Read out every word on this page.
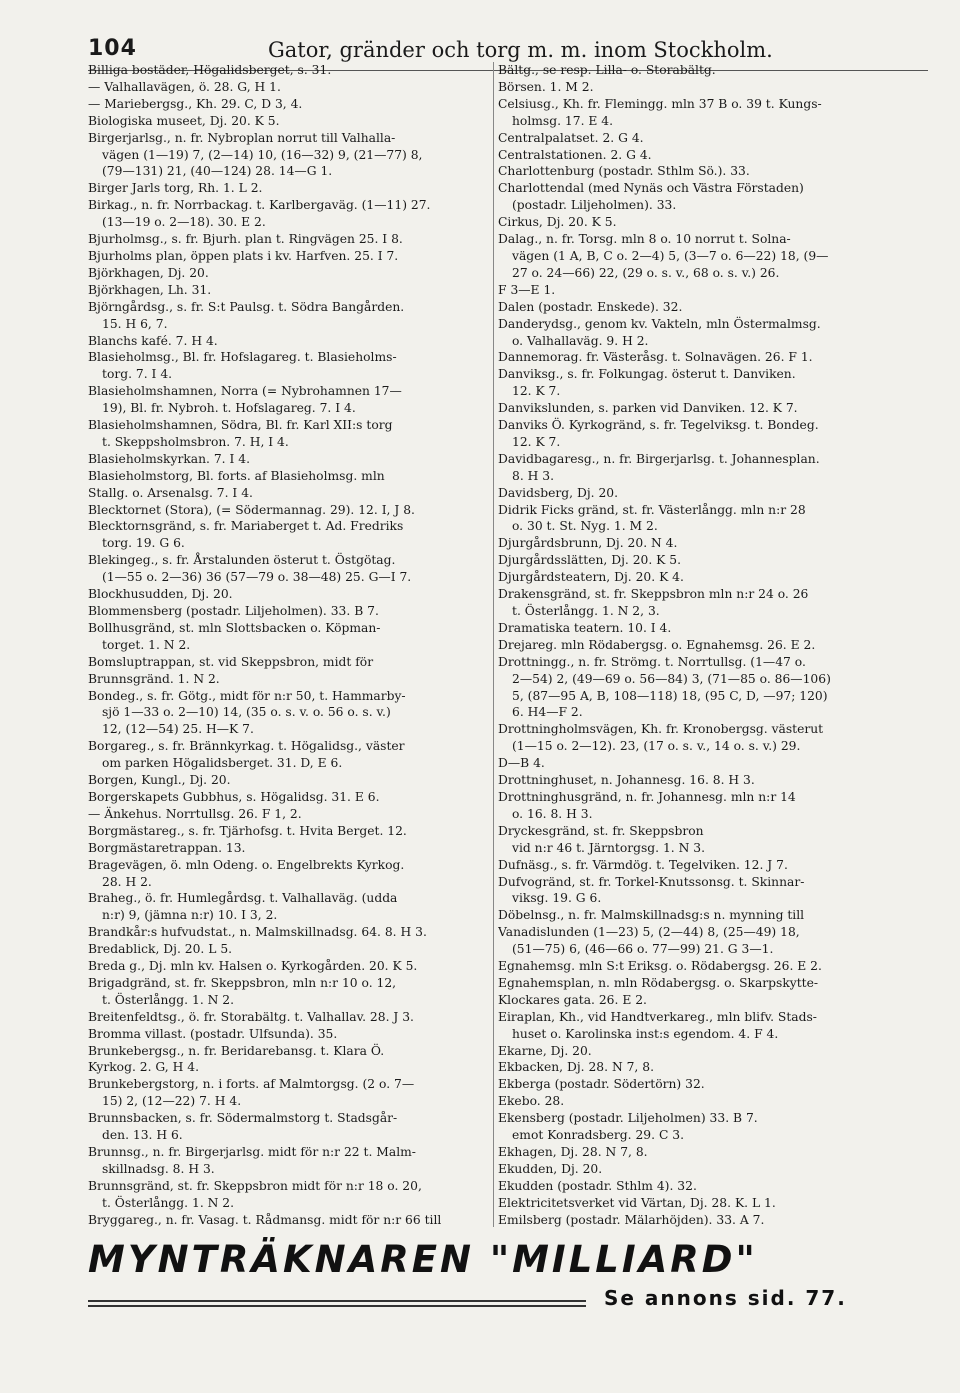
104	Gator, gränder och torg m. m. inom Stockholm.
Billiga bostäder, Högalidsberget, s. 31.
— Valhallavägen, ö. 28. G, H 1.
— Mariebergsg., Kh. 29. C, D 3, 4.
Biologiska museet, Dj. 20. K 5.
Birgerjarlsg., n. fr. Nybroplan norrut till Valhalla-
vägen (1—19) 7, (2—14) 10, (16—32) 9, (21—77) 8,
(79—131) 21, (40—124) 28. 14—G 1.
Birger Jarls torg, Rh. 1. L 2.
Birkag., n. fr. Norrbackag. t. Karlbergaväg. (1—11) 27.
(13—19 o. 2—18). 30. E 2.
Bjurholmsg., s. fr. Bjurh. plan t. Ringvägen 25. I 8.
Bjurholms plan, öppen plats i kv. Harfven. 25. I 7.
Björkhagen, Dj. 20.
Björkhagen, Lh. 31.
Björngårdsg., s. fr. S:t Paulsg. t. Södra Bangården.
15. H 6, 7.
Blanchs kafé. 7. H 4.
Blasieholmsg., Bl. fr. Hofslagareg. t. Blasieholms-
torg. 7. I 4.
Blasieholmshamnen, Norra (= Nybrohamnen 17—
19), Bl. fr. Nybroh. t. Hofslagareg. 7. I 4.
Blasieholmshamnen, Södra, Bl. fr. Karl XII:s torg
t. Skeppsholmsbron. 7. H, I 4.
Blasieholmskyrkan. 7. I 4.
Blasieholmstorg, Bl. forts. af Blasieholmsg. mln
Stallg. o. Arsenalsg. 7. I 4.
Blecktornet (Stora), (= Södermannag. 29). 12. I, J 8.
Blecktornsgränd, s. fr. Mariaberget t. Ad. Fredriks
torg. 19. G 6.
Blekingeg., s. fr. Årstalunden österut t. Östgötag.
(1—55 o. 2—36) 36 (57—79 o. 38—48) 25. G—I 7.
Blockhusudden, Dj. 20.
Blommensberg (postadr. Liljeholmen). 33. B 7.
Bollhusgränd, st. mln Slottsbacken o. Köpman-
torget. 1. N 2.
Bomsluptrappan, st. vid Skeppsbron, midt för
Brunnsgränd. 1. N 2.
Bondeg., s. fr. Götg., midt för n:r 50, t. Hammarby-
sjö 1—33 o. 2—10) 14, (35 o. s. v. o. 56 o. s. v.)
12, (12—54) 25. H—K 7.
Borgareg., s. fr. Brännkyrkag. t. Högalidsg., väster
om parken Högalidsberget. 31. D, E 6.
Borgen, Kungl., Dj. 20.
Borgerskapets Gubbhus, s. Högalidsg. 31. E 6.
— Änkehus. Norrtullsg. 26. F 1, 2.
Borgmästareg., s. fr. Tjärhofsg. t. Hvita Berget. 12.
Borgmästaretrappan. 13.
Bragevägen, ö. mln Odeng. o. Engelbrekts Kyrkog.
28. H 2.
Braheg., ö. fr. Humlegårdsg. t. Valhallaväg. (udda
n:r) 9, (jämna n:r) 10. I 3, 2.
Brandkår:s hufvudstat., n. Malmskillnadsg. 64. 8. H 3.
Bredablick, Dj. 20. L 5.
Breda g., Dj. mln kv. Halsen o. Kyrkogården. 20. K 5.
Brigadgränd, st. fr. Skeppsbron, mln n:r 10 o. 12,
t. Österlångg. 1. N 2.
Breitenfeldtsg., ö. fr. Storabältg. t. Valhallav. 28. J 3.
Bromma villast. (postadr. Ulfsunda). 35.
Brunkebergsg., n. fr. Beridarebansg. t. Klara Ö.
Kyrkog. 2. G, H 4.
Brunkebergstorg, n. i forts. af Malmtorgsg. (2 o. 7—
15) 2, (12—22) 7. H 4.
Brunnsbacken, s. fr. Södermalmstorg t. Stadsgår-
den. 13. H 6.
Brunnsg., n. fr. Birgerjarlsg. midt för n:r 22 t. Malm-
skillnadsg. 8. H 3.
Brunnsgränd, st. fr. Skeppsbron midt för n:r 18 o. 20,
t. Österlångg. 1. N 2.
Bryggareg., n. fr. Vasag. t. Rådmansg. midt för n:r 66 till
Bältg., se resp. Lilla- o. Storabältg.
Börsen. 1. M 2.
Celsiusg., Kh. fr. Flemingg. mln 37 B o. 39 t. Kungs-
holmsg. 17. E 4.
Centralpalatset. 2. G 4.
Centralstationen. 2. G 4.
Charlottenburg (postadr. Sthlm Sö.). 33.
Charlottendal (med Nynäs och Västra Förstaden)
(postadr. Liljeholmen). 33.
Cirkus, Dj. 20. K 5.
Dalag., n. fr. Torsg. mln 8 o. 10 norrut t. Solna-
vägen (1 A, B, C o. 2—4) 5, (3—7 o. 6—22) 18, (9—
27 o. 24—66) 22, (29 o. s. v., 68 o. s. v.) 26.
F 3—E 1.
Dalen (postadr. Enskede). 32.
Danderydsg., genom kv. Vakteln, mln Östermalmsg.
o. Valhallaväg. 9. H 2.
Dannemorag. fr. Västeråsg. t. Solnavägen. 26. F 1.
Danviksg., s. fr. Folkungag. österut t. Danviken.
12. K 7.
Danvikslunden, s. parken vid Danviken. 12. K 7.
Danviks Ö. Kyrkogränd, s. fr. Tegelviksg. t. Bondeg.
12. K 7.
Davidbagaresg., n. fr. Birgerjarlsg. t. Johannesplan.
8. H 3.
Davidsberg, Dj. 20.
Didrik Ficks gränd, st. fr. Västerlångg. mln n:r 28
o. 30 t. St. Nyg. 1. M 2.
Djurgårdsbrunn, Dj. 20. N 4.
Djurgårdsslätten, Dj. 20. K 5.
Djurgårdsteatern, Dj. 20. K 4.
Drakensgränd, st. fr. Skeppsbron mln n:r 24 o. 26
t. Österlångg. 1. N 2, 3.
Dramatiska teatern. 10. I 4.
Drejareg. mln Rödabergsg. o. Egnahemsg. 26. E 2.
Drottningg., n. fr. Strömg. t. Norrtullsg. (1—47 o.
2—54) 2, (49—69 o. 56—84) 3, (71—85 o. 86—106)
5, (87—95 A, B, 108—118) 18, (95 C, D, —97; 120)
6. H4—F 2.
Drottningholmsvägen, Kh. fr. Kronobergsg. västerut
(1—15 o. 2—12). 23, (17 o. s. v., 14 o. s. v.) 29.
D—B 4.
Drottninghuset, n. Johannesg. 16. 8. H 3.
Drottninghusgränd, n. fr. Johannesg. mln n:r 14
o. 16. 8. H 3.
Dryckesgränd, st. fr. Skeppsbron
vid n:r 46 t. Järntorgsg. 1. N 3.
Dufnäsg., s. fr. Värmdög. t. Tegelviken. 12. J 7.
Dufvogränd, st. fr. Torkel-Knutssonsg. t. Skinnar-
viksg. 19. G 6.
Döbelnsg., n. fr. Malmskillnadsg:s n. mynning till
Vanadislunden (1—23) 5, (2—44) 8, (25—49) 18,
(51—75) 6, (46—66 o. 77—99) 21. G 3—1.
Egnahemsg. mln S:t Eriksg. o. Rödabergsg. 26. E 2.
Egnahemsplan, n. mln Rödabergsg. o. Skarpskytte-
Klockares gata. 26. E 2.
Eiraplan, Kh., vid Handtverkareg., mln blifv. Stads-
huset o. Karolinska inst:s egendom. 4. F 4.
Ekarne, Dj. 20.
Ekbacken, Dj. 28. N 7, 8.
Ekberga (postadr. Södertörn) 32.
Ekebo. 28.
Ekensberg (postadr. Liljeholmen) 33. B 7.
emot Konradsberg. 29. C 3.
Ekhagen, Dj. 28. N 7, 8.
Ekudden, Dj. 20.
Ekudden (postadr. Sthlm 4). 32.
Elektricitetsverket vid Värtan, Dj. 28. K. L 1.
Emilsberg (postadr. Mälarhöjden). 33. A 7.
MYNTRÄKNAREN "MILLIARD"
Se annons sid. 77.
